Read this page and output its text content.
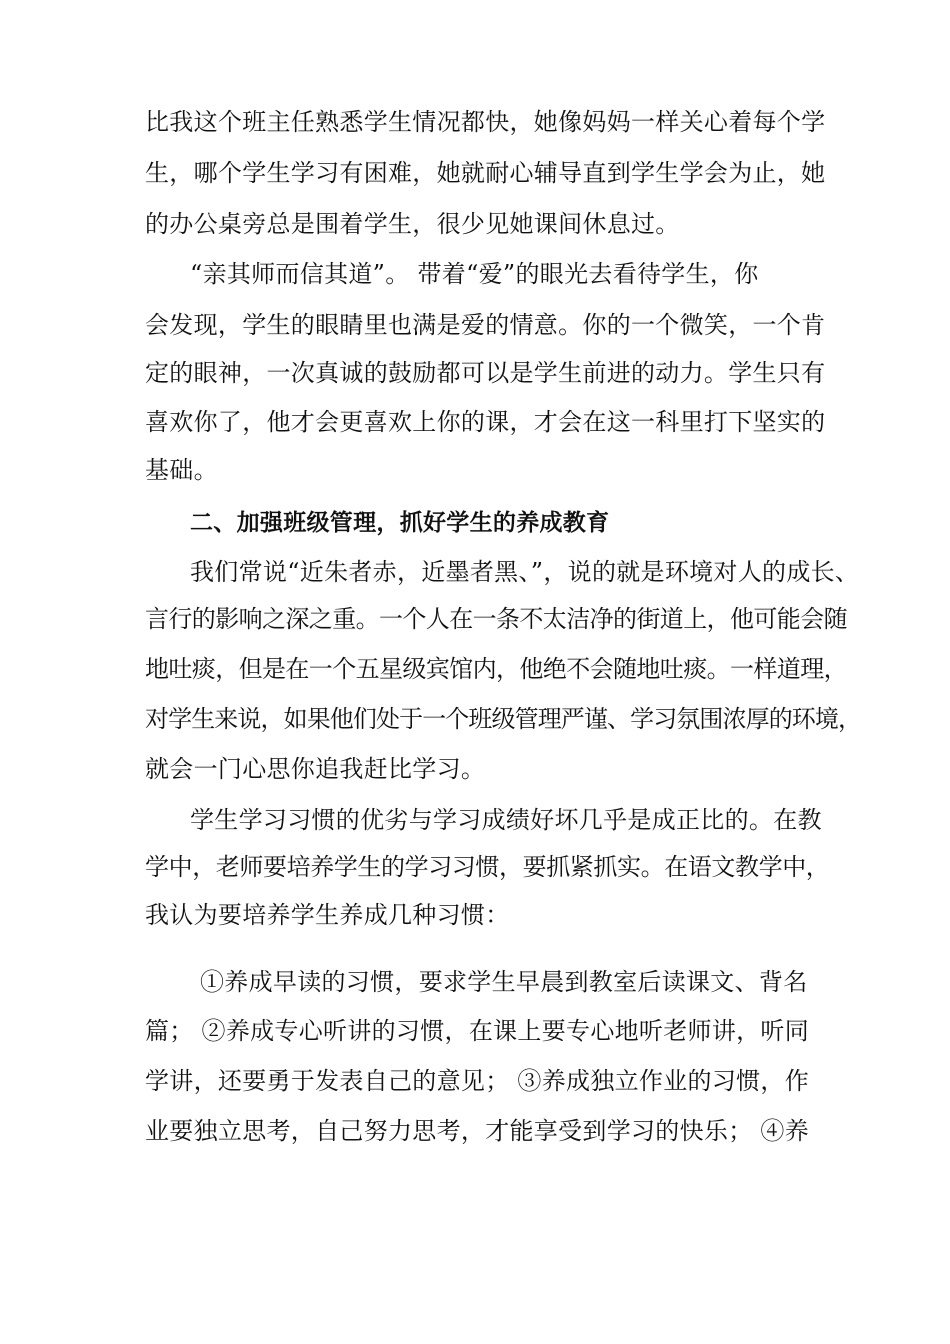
比我这个班主任熟悉学生情况都快，她像妈妈一样关心着每个学
生，哪个学生学习有困难，她就耐心辅导直到学生学会为止，她
的办公桌旁总是围着学生，很少见她课间休息过。
“亲其师而信其道”。 带着“爱”的眼光去看待学生，你
会发现，学生的眼睛里也满是爱的情意。你的一个微笑，一个肯
定的眼神，一次真诚的鼓励都可以是学生前进的动力。学生只有
喜欢你了，他才会更喜欢上你的课，才会在这一科里打下坚实的
基础。
二、加强班级管理，抓好学生的养成教育
我们常说“近朱者赤，近墨者黑、”，说的就是环境对人的成长、
言行的影响之深之重。一个人在一条不太洁净的街道上，他可能会随
地吐痰，但是在一个五星级宾馆内，他绝不会随地吐痰。一样道理，
对学生来说，如果他们处于一个班级管理严谨、学习氛围浓厚的环境，
就会一门心思你追我赶比学习。
学生学习习惯的优劣与学习成绩好坏几乎是成正比的。在教
学中，老师要培养学生的学习习惯，要抓紧抓实。在语文教学中，
我认为要培养学生养成几种习惯：
①养成早读的习惯，要求学生早晨到教室后读课文、背名
篇； ②养成专心听讲的习惯，在课上要专心地听老师讲，听同
学讲，还要勇于发表自己的意见； ③养成独立作业的习惯，作
业要独立思考，自己努力思考，才能享受到学习的快乐； ④养
